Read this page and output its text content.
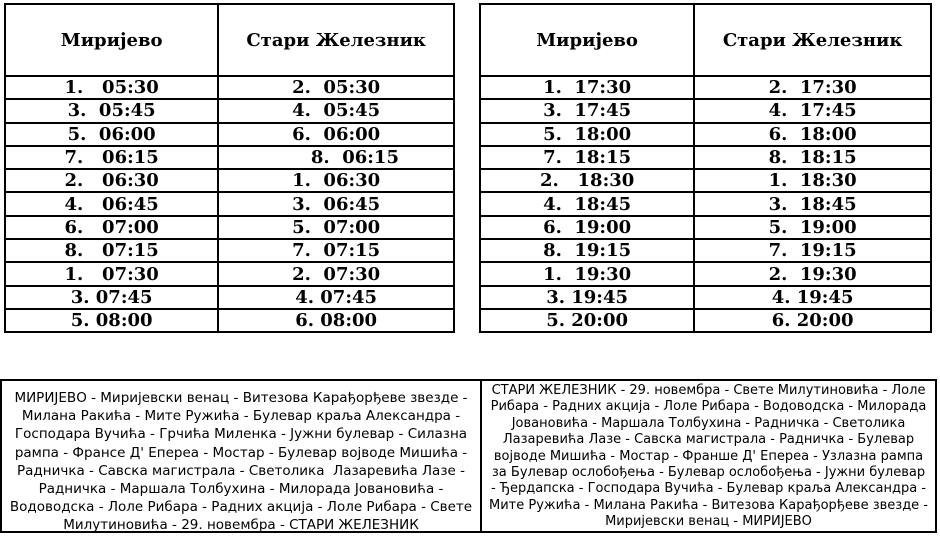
Миријево	Стари Железник
1.   05:30	2.  05:30
3.  05:45	4.  05:45
5.  06:00	6.  06:00
7.   06:15	8.  06:15
2.   06:30	1.  06:30
4.   06:45	3.  06:45
6.   07:00	5.  07:00
8.   07:15	7.  07:15
1.   07:30	2.  07:30
3. 07:45	4. 07:45
5. 08:00	6. 08:00
Миријево	Стари Железник
1.  17:30	2.  17:30
3.  17:45	4.  17:45
5.  18:00	6.  18:00
7.  18:15	8.  18:15
2.   18:30	1.  18:30
4.  18:45	3.  18:45
6.  19:00	5.  19:00
8.  19:15	7.  19:15
1.  19:30	2.  19:30
3. 19:45	4. 19:45
5. 20:00	6. 20:00
МИРИЈЕВО - Миријевски венац - Витезова Карађорђеве звезде -
Милана Ракића - Мите Ружића - Булевар краља Александра -
Господара Вучића - Грчића Миленка - Јужни булевар - Силазна
рампа - Франсе Д' Епереа - Мостар - Булевар војводе Мишића -
Радничка - Савска магистрала - Светолика  Лазаревића Лазе -
Радничка - Маршала Толбухина - Милорада Јовановића -
Водоводска - Лоле Рибара - Радних акција - Лоле Рибара - Свете
Милутиновића - 29. новембра - СТАРИ ЖЕЛЕЗНИК
СТАРИ ЖЕЛЕЗНИК - 29. новембра - Свете Милутиновића - Лоле
Рибара - Радних акција - Лоле Рибара - Водоводска - Милорада
Јовановића - Маршала Толбухина - Радничка - Светолика
Лазаревића Лазе - Савска магистрала - Радничка - Булевар
војводе Мишића - Мостар - Франше Д' Епереа - Узлазна рампа
за Булевар ослобођења - Булевар ослобођења - Јужни булевар
- Ђердапска - Господара Вучића - Булевар краља Александра -
Мите Ружића - Милана Ракића - Витезова Карађорђеве звезде -
Миријевски венац - МИРИЈЕВО
